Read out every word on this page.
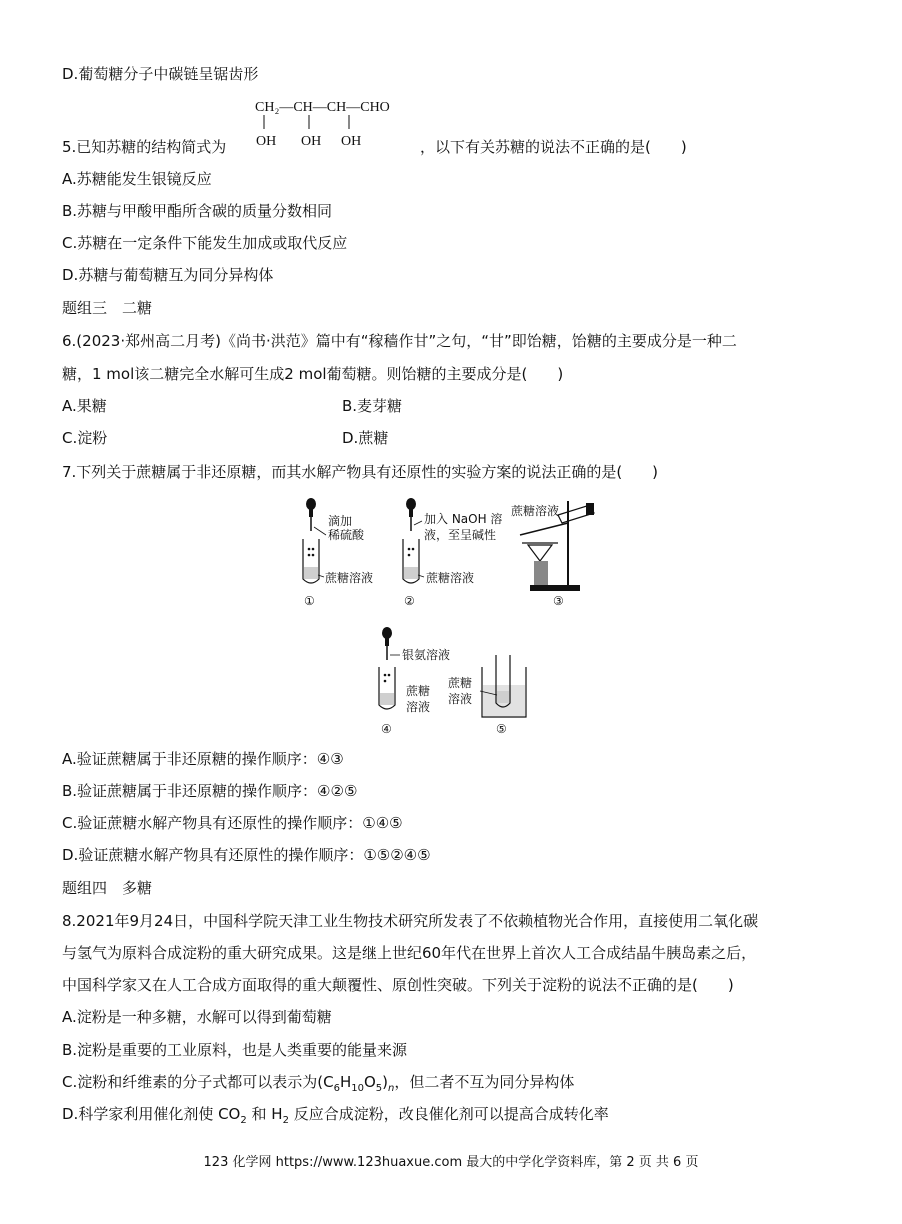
D.葡萄糖分子中碳链呈锯齿形
CH₂—CH—CH—CHO
OH OH OH
5.已知苏糖的结构简式为	，以下有关苏糖的说法不正确的是(　　)
A.苏糖能发生银镜反应
B.苏糖与甲酸甲酯所含碳的质量分数相同
C.苏糖在一定条件下能发生加成或取代反应
D.苏糖与葡萄糖互为同分异构体
题组三　二糖
6.(2023·郑州高二月考)《尚书·洪范》篇中有“稼穑作甘”之句，“甘”即饴糖，饴糖的主要成分是一种二
糖，1 mol该二糖完全水解可生成2 mol葡萄糖。则饴糖的主要成分是(　　)
A.果糖	B.麦芽糖
C.淀粉	D.蔗糖
7.下列关于蔗糖属于非还原糖，而其水解产物具有还原性的实验方案的说法正确的是(　　)
滴加
稀硫酸
蔗糖溶液
①
加入 NaOH 溶
液，至呈碱性
蔗糖溶液
②
蔗糖溶液
③
银氨溶液
蔗糖
溶液
④
蔗糖
溶液
⑤
A.验证蔗糖属于非还原糖的操作顺序：④③
B.验证蔗糖属于非还原糖的操作顺序：④②⑤
C.验证蔗糖水解产物具有还原性的操作顺序：①④⑤
D.验证蔗糖水解产物具有还原性的操作顺序：①⑤②④⑤
题组四　多糖
8.2021年9月24日，中国科学院天津工业生物技术研究所发表了不依赖植物光合作用，直接使用二氧化碳
与氢气为原料合成淀粉的重大研究成果。这是继上世纪60年代在世界上首次人工合成结晶牛胰岛素之后，
中国科学家又在人工合成方面取得的重大颠覆性、原创性突破。下列关于淀粉的说法不正确的是(　　)
A.淀粉是一种多糖，水解可以得到葡萄糖
B.淀粉是重要的工业原料，也是人类重要的能量来源
C.淀粉和纤维素的分子式都可以表示为$(C_6H_{10}O_5)_n$，但二者不互为同分异构体
D.科学家利用催化剂使 $CO_2$ 和 $H_2$ 反应合成淀粉，改良催化剂可以提高合成转化率
123 化学网 https://www.123huaxue.com 最大的中学化学资料库，第 2 页 共 6 页
